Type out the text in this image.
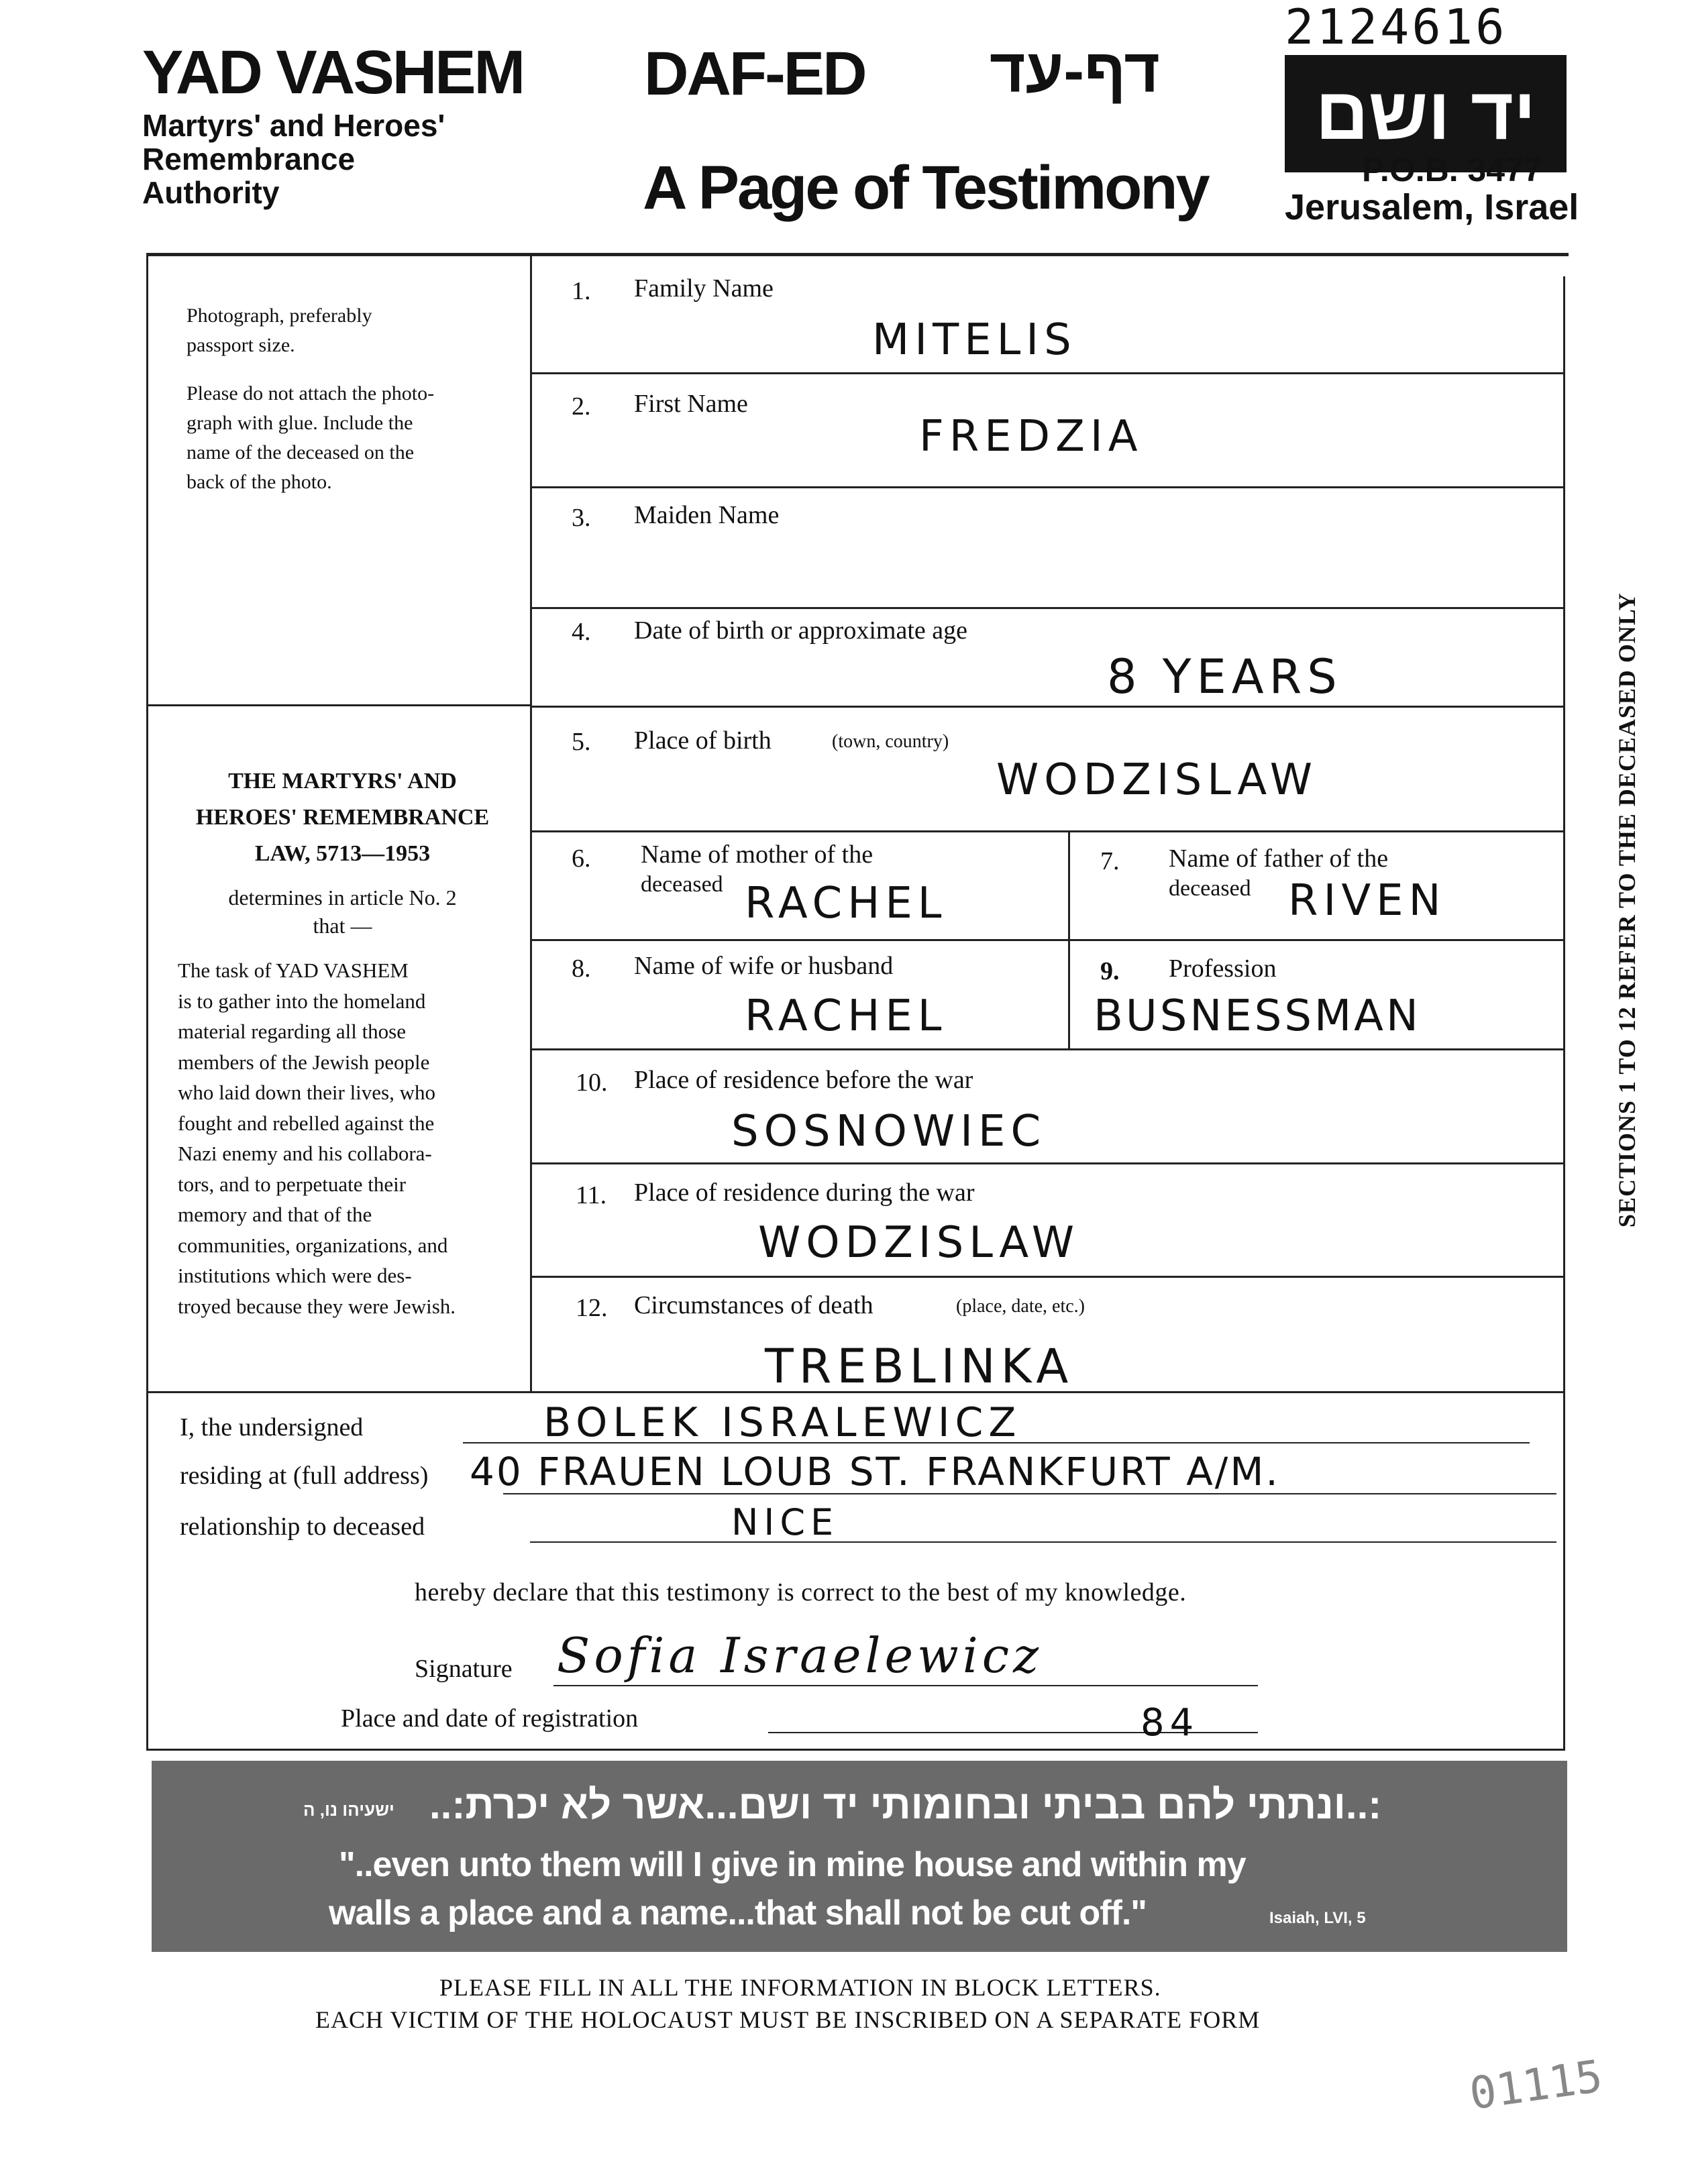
2124616
YAD VASHEM
Martyrs' and Heroes'
Remembrance
Authority
DAF-ED דף-עד
A Page of Testimony
יד ושם
P.O.B. 3477
Jerusalem, Israel
Photograph, preferably
passport size.
Please do not attach the photo-
graph with glue. Include the
name of the deceased on the
back of the photo.
THE MARTYRS' AND
HEROES' REMEMBRANCE
LAW, 5713—1953
determines in article No. 2
that —
The task of YAD VASHEM
is to gather into the homeland
material regarding all those
members of the Jewish people
who laid down their lives, who
fought and rebelled against the
Nazi enemy and his collabora-
tors, and to perpetuate their
memory and that of the
communities, organizations, and
institutions which were des-
troyed because they were Jewish.
1. Family Name
MITELIS
2. First Name
FREDZIA
3. Maiden Name
4. Date of birth or approximate age
8 YEARS
5. Place of birth	(town, country)
WODZISLAW
6. Name of mother of the
deceased RACHEL
7. Name of father of the
deceased RIVEN
8. Name of wife or husband
RACHEL
9. Profession
BUSNESSMAN
10. Place of residence before the war
SOSNOWIEC
11. Place of residence during the war
WODZISLAW
12. Circumstances of death	(place, date, etc.)
TREBLINKA
SECTIONS 1 TO 12 REFER TO THE DECEASED ONLY
I, the undersigned	BOLEK ISRALEWICZ
residing at (full address) 40 FRAUEN LOUB ST. FRANKFURT A/M.
relationship to deceased	NICE
hereby declare that this testimony is correct to the best of my knowledge.
Signature Sofia Israelewicz
Place and date of registration	84
ישעיהו נו, ה :..ונתתי להם בביתי ובחומותי יד ושם...אשר לא יכרת:..
"..even unto them will I give in mine house and within my
walls a place and a name...that shall not be cut off."	Isaiah, LVI, 5
PLEASE FILL IN ALL THE INFORMATION IN BLOCK LETTERS.
EACH VICTIM OF THE HOLOCAUST MUST BE INSCRIBED ON A SEPARATE FORM
01115
